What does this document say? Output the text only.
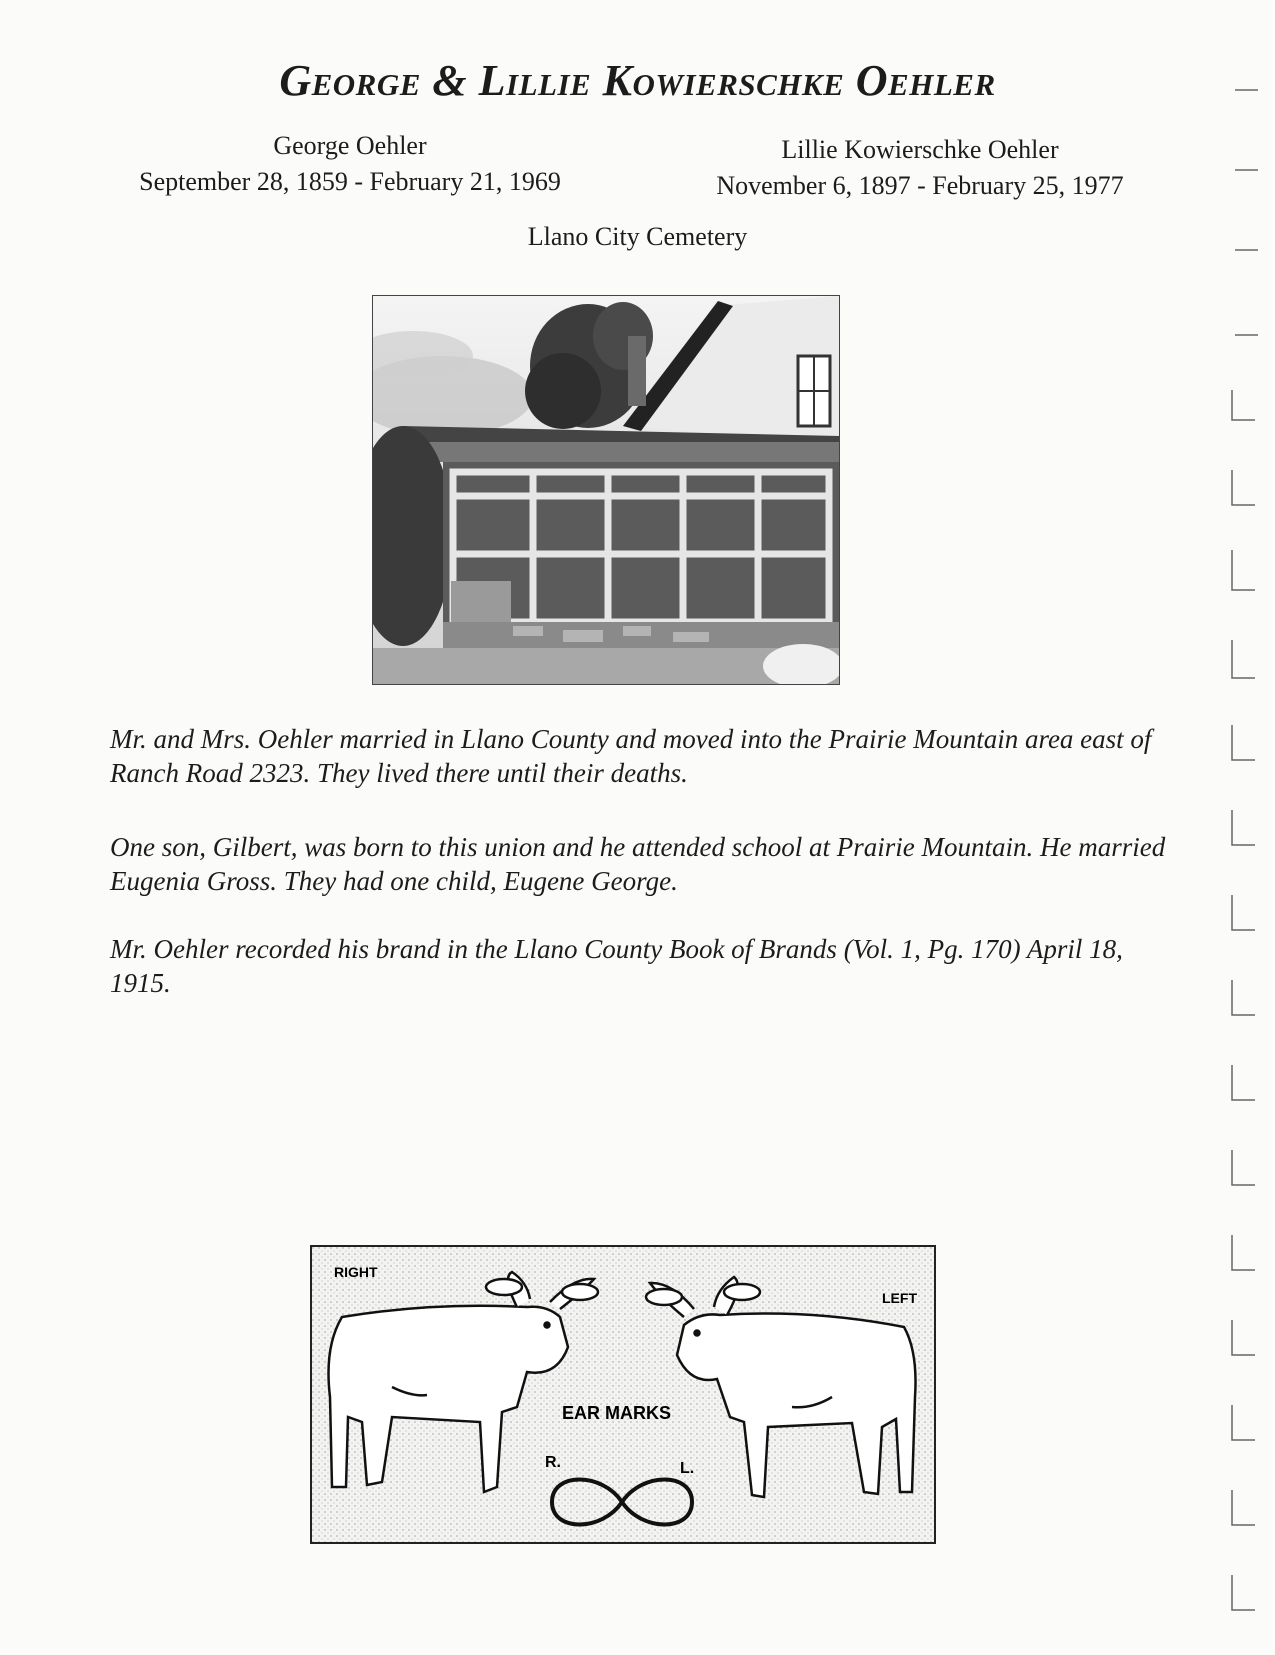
George & Lillie Kowierschke Oehler
George Oehler
September 28, 1859 - February 21, 1969
Lillie Kowierschke Oehler
November 6, 1897 - February 25, 1977
Llano City Cemetery

Mr. and Mrs. Oehler married in Llano County and moved into the Prairie Mountain area east of Ranch Road 2323. They lived there until their deaths.

One son, Gilbert, was born to this union and he attended school at Prairie Mountain. He married Eugenia Gross. They had one child, Eugene George.

Mr. Oehler recorded his brand in the Llano County Book of Brands (Vol. 1, Pg. 170) April 18, 1915.

RIGHT
LEFT
EAR MARKS
R.	L.
